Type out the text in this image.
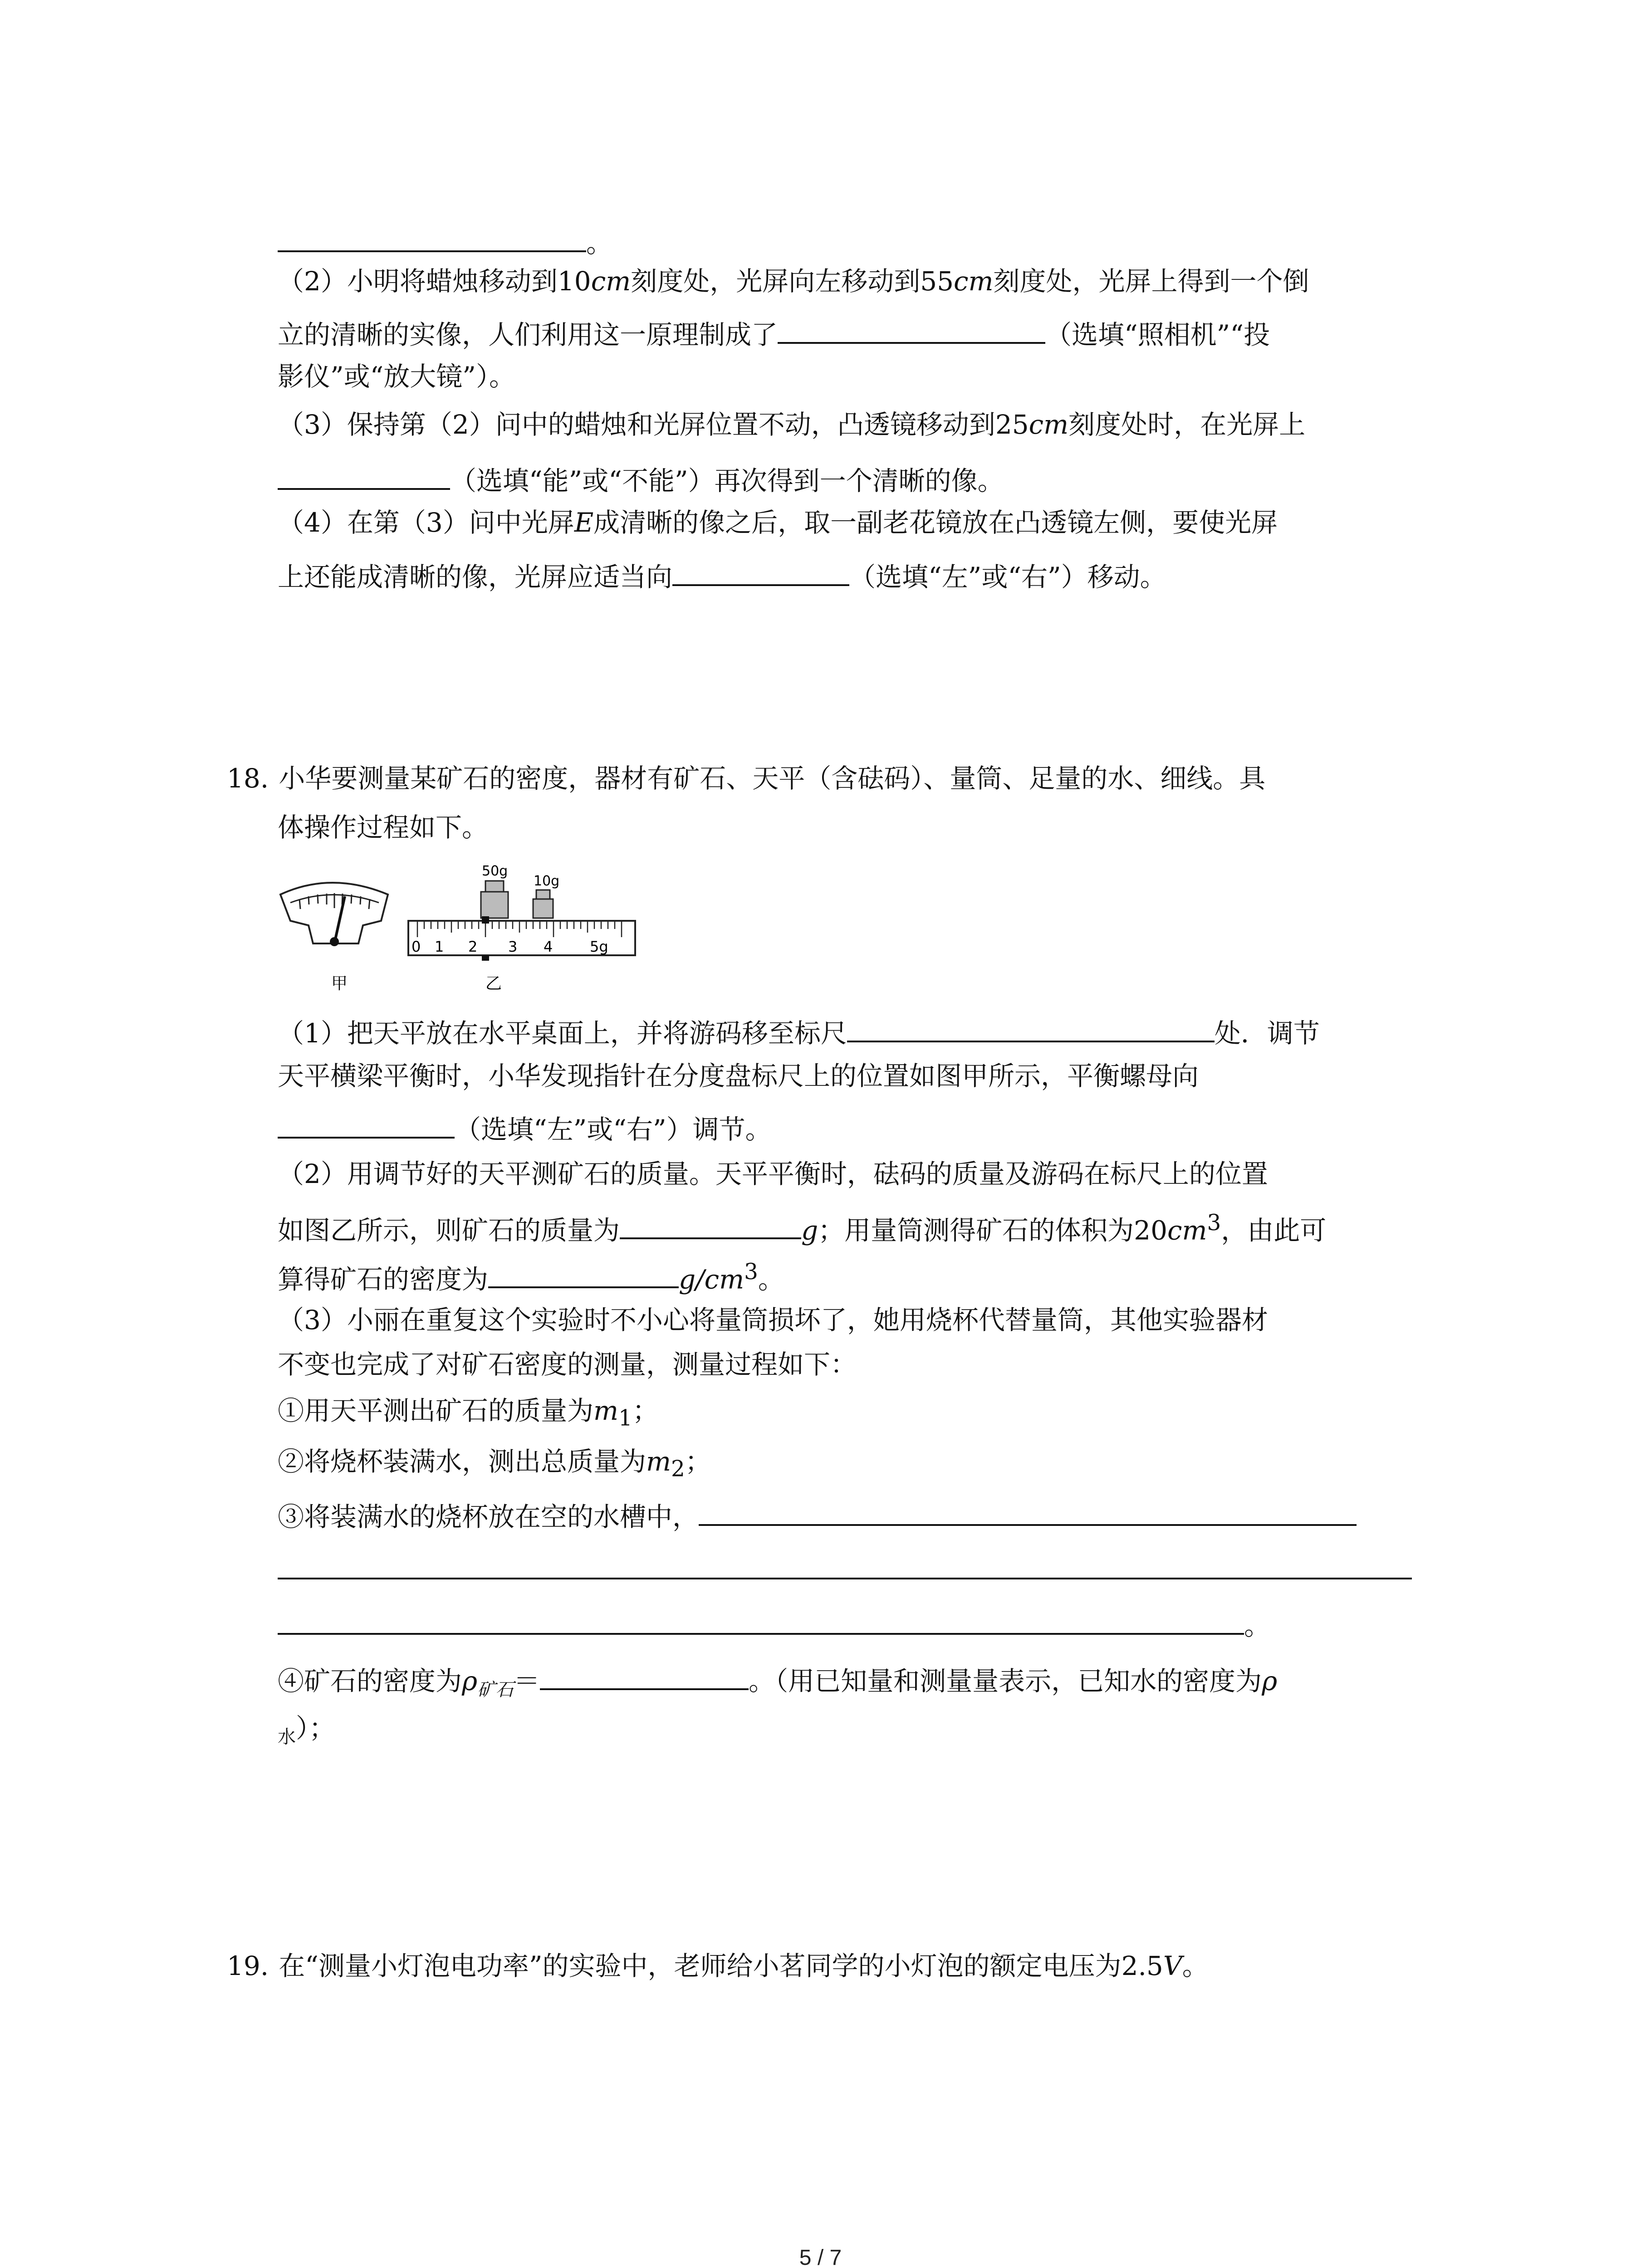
。
（2）小明将蜡烛移动到10cm刻度处，光屏向左移动到55cm刻度处，光屏上得到一个倒
立的清晰的实像，人们利用这一原理制成了	（选填“照相机”“投
影仪”或“放大镜”）。
（3）保持第（2）问中的蜡烛和光屏位置不动，凸透镜移动到25cm刻度处时，在光屏上
（选填“能”或“不能”）再次得到一个清晰的像。
（4）在第（3）问中光屏E成清晰的像之后，取一副老花镜放在凸透镜左侧，要使光屏
上还能成清晰的像，光屏应适当向	（选填“左”或“右”）移动。
18. 小华要测量某矿石的密度，器材有矿石、天平（含砝码）、量筒、足量的水、细线。具
体操作过程如下。
甲
50g
10g
0 1 2 3 4	5g
乙
（1）把天平放在水平桌面上，并将游码移至标尺	处．调节
天平横梁平衡时，小华发现指针在分度盘标尺上的位置如图甲所示，平衡螺母向
（选填“左”或“右”）调节。
（2）用调节好的天平测矿石的质量。天平平衡时，砝码的质量及游码在标尺上的位置
如图乙所示，则矿石的质量为	g；用量筒测得矿石的体积为$20cm^3$，由此可
算得矿石的密度为	$g/cm^3$。
（3）小丽在重复这个实验时不小心将量筒损坏了，她用烧杯代替量筒，其他实验器材
不变也完成了对矿石密度的测量，测量过程如下：
①用天平测出矿石的质量为$m_1$；
②将烧杯装满水，测出总质量为$m_2$；
③将装满水的烧杯放在空的水槽中，
。
④矿石的密度为$\rho_{矿石}=$	。（用已知量和测量量表示，已知水的密度为ρ
$_水$）；
19. 在“测量小灯泡电功率”的实验中，老师给小茗同学的小灯泡的额定电压为2.5V。
5 / 7
